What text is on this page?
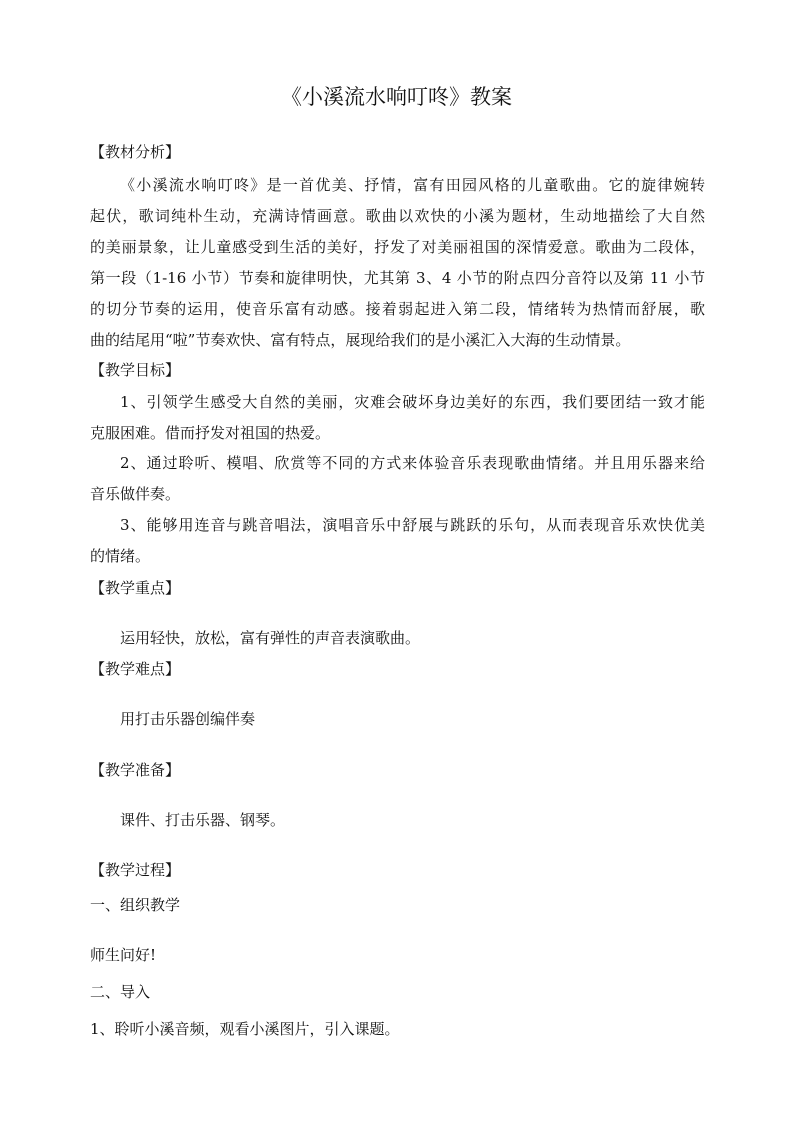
《小溪流水响叮咚》教案
【教材分析】
《小溪流水响叮咚》是一首优美、抒情，富有田园风格的儿童歌曲。它的旋律婉转
起伏，歌词纯朴生动，充满诗情画意。歌曲以欢快的小溪为题材，生动地描绘了大自然
的美丽景象，让儿童感受到生活的美好，抒发了对美丽祖国的深情爱意。歌曲为二段体，
第一段（1-16 小节）节奏和旋律明快，尤其第 3、4 小节的附点四分音符以及第 11 小节
的切分节奏的运用，使音乐富有动感。接着弱起进入第二段，情绪转为热情而舒展，歌
曲的结尾用“啦”节奏欢快、富有特点，展现给我们的是小溪汇入大海的生动情景。
【教学目标】
1、引领学生感受大自然的美丽，灾难会破坏身边美好的东西，我们要团结一致才能
克服困难。借而抒发对祖国的热爱。
2、通过聆听、模唱、欣赏等不同的方式来体验音乐表现歌曲情绪。并且用乐器来给
音乐做伴奏。
3、能够用连音与跳音唱法，演唱音乐中舒展与跳跃的乐句，从而表现音乐欢快优美
的情绪。
【教学重点】
运用轻快，放松，富有弹性的声音表演歌曲。
【教学难点】
用打击乐器创编伴奏
【教学准备】
课件、打击乐器、钢琴。
【教学过程】
一、组织教学
师生问好!
二、导入
1、聆听小溪音频，观看小溪图片，引入课题。
